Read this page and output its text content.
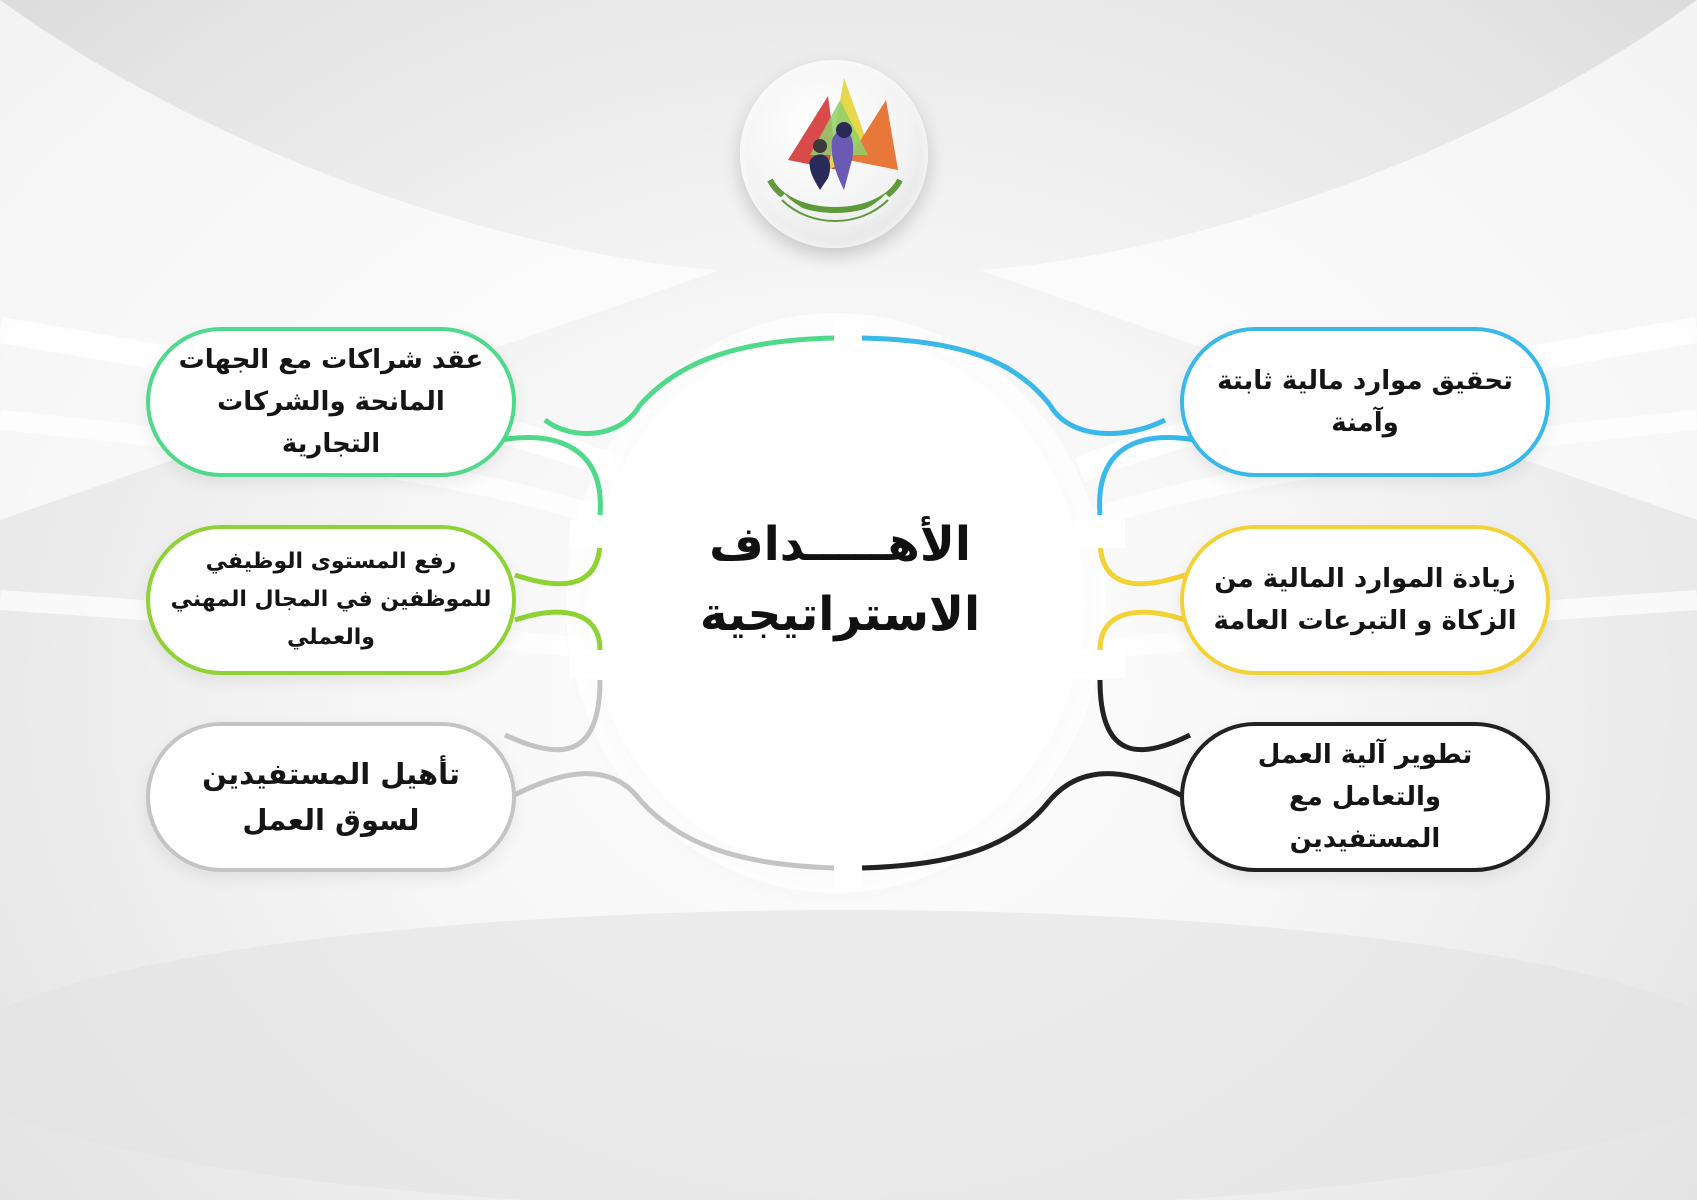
الأهـــــداف
الاستراتيجية
عقد شراكات مع الجهات المانحة والشركات التجارية
رفع المستوى الوظيفي للموظفين في المجال المهني والعملي
تأهيل المستفيدين لسوق العمل
تحقيق موارد مالية ثابتة وآمنة
زيادة الموارد المالية من الزكاة و التبرعات العامة
تطوير آلية العمل والتعامل مع المستفيدين
